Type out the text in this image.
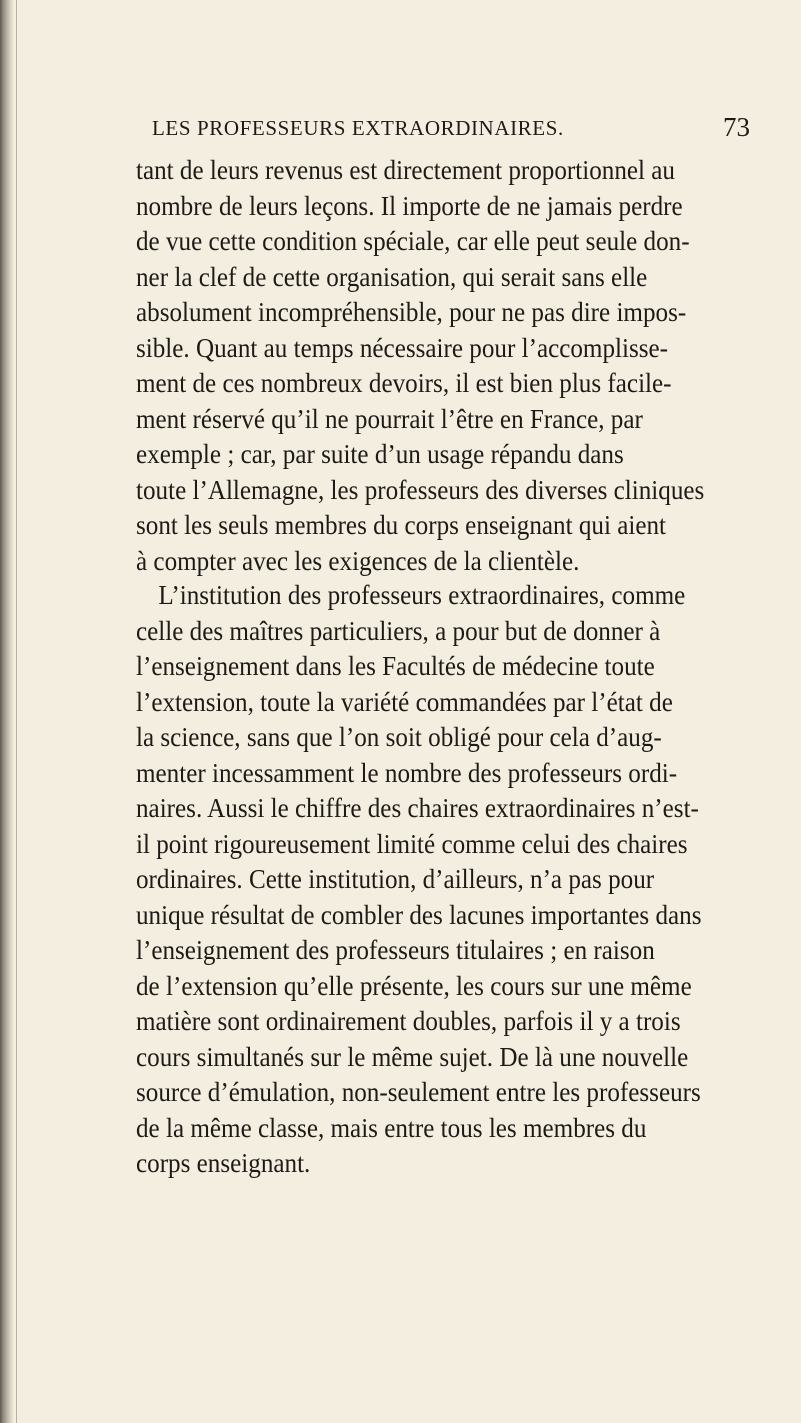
LES PROFESSEURS EXTRAORDINAIRES.	73
tant de leurs revenus est directement proportionnel au
nombre de leurs leçons. Il importe de ne jamais perdre
de vue cette condition spéciale, car elle peut seule don-
ner la clef de cette organisation, qui serait sans elle
absolument incompréhensible, pour ne pas dire impos-
sible. Quant au temps nécessaire pour l’accomplisse-
ment de ces nombreux devoirs, il est bien plus facile-
ment réservé qu’il ne pourrait l’être en France, par
exemple ; car, par suite d’un usage répandu dans
toute l’Allemagne, les professeurs des diverses cliniques
sont les seuls membres du corps enseignant qui aient
à compter avec les exigences de la clientèle.
L’institution des professeurs extraordinaires, comme
celle des maîtres particuliers, a pour but de donner à
l’enseignement dans les Facultés de médecine toute
l’extension, toute la variété commandées par l’état de
la science, sans que l’on soit obligé pour cela d’aug-
menter incessamment le nombre des professeurs ordi-
naires. Aussi le chiffre des chaires extraordinaires n’est-
il point rigoureusement limité comme celui des chaires
ordinaires. Cette institution, d’ailleurs, n’a pas pour
unique résultat de combler des lacunes importantes dans
l’enseignement des professeurs titulaires ; en raison
de l’extension qu’elle présente, les cours sur une même
matière sont ordinairement doubles, parfois il y a trois
cours simultanés sur le même sujet. De là une nouvelle
source d’émulation, non-seulement entre les professeurs
de la même classe, mais entre tous les membres du
corps enseignant.
